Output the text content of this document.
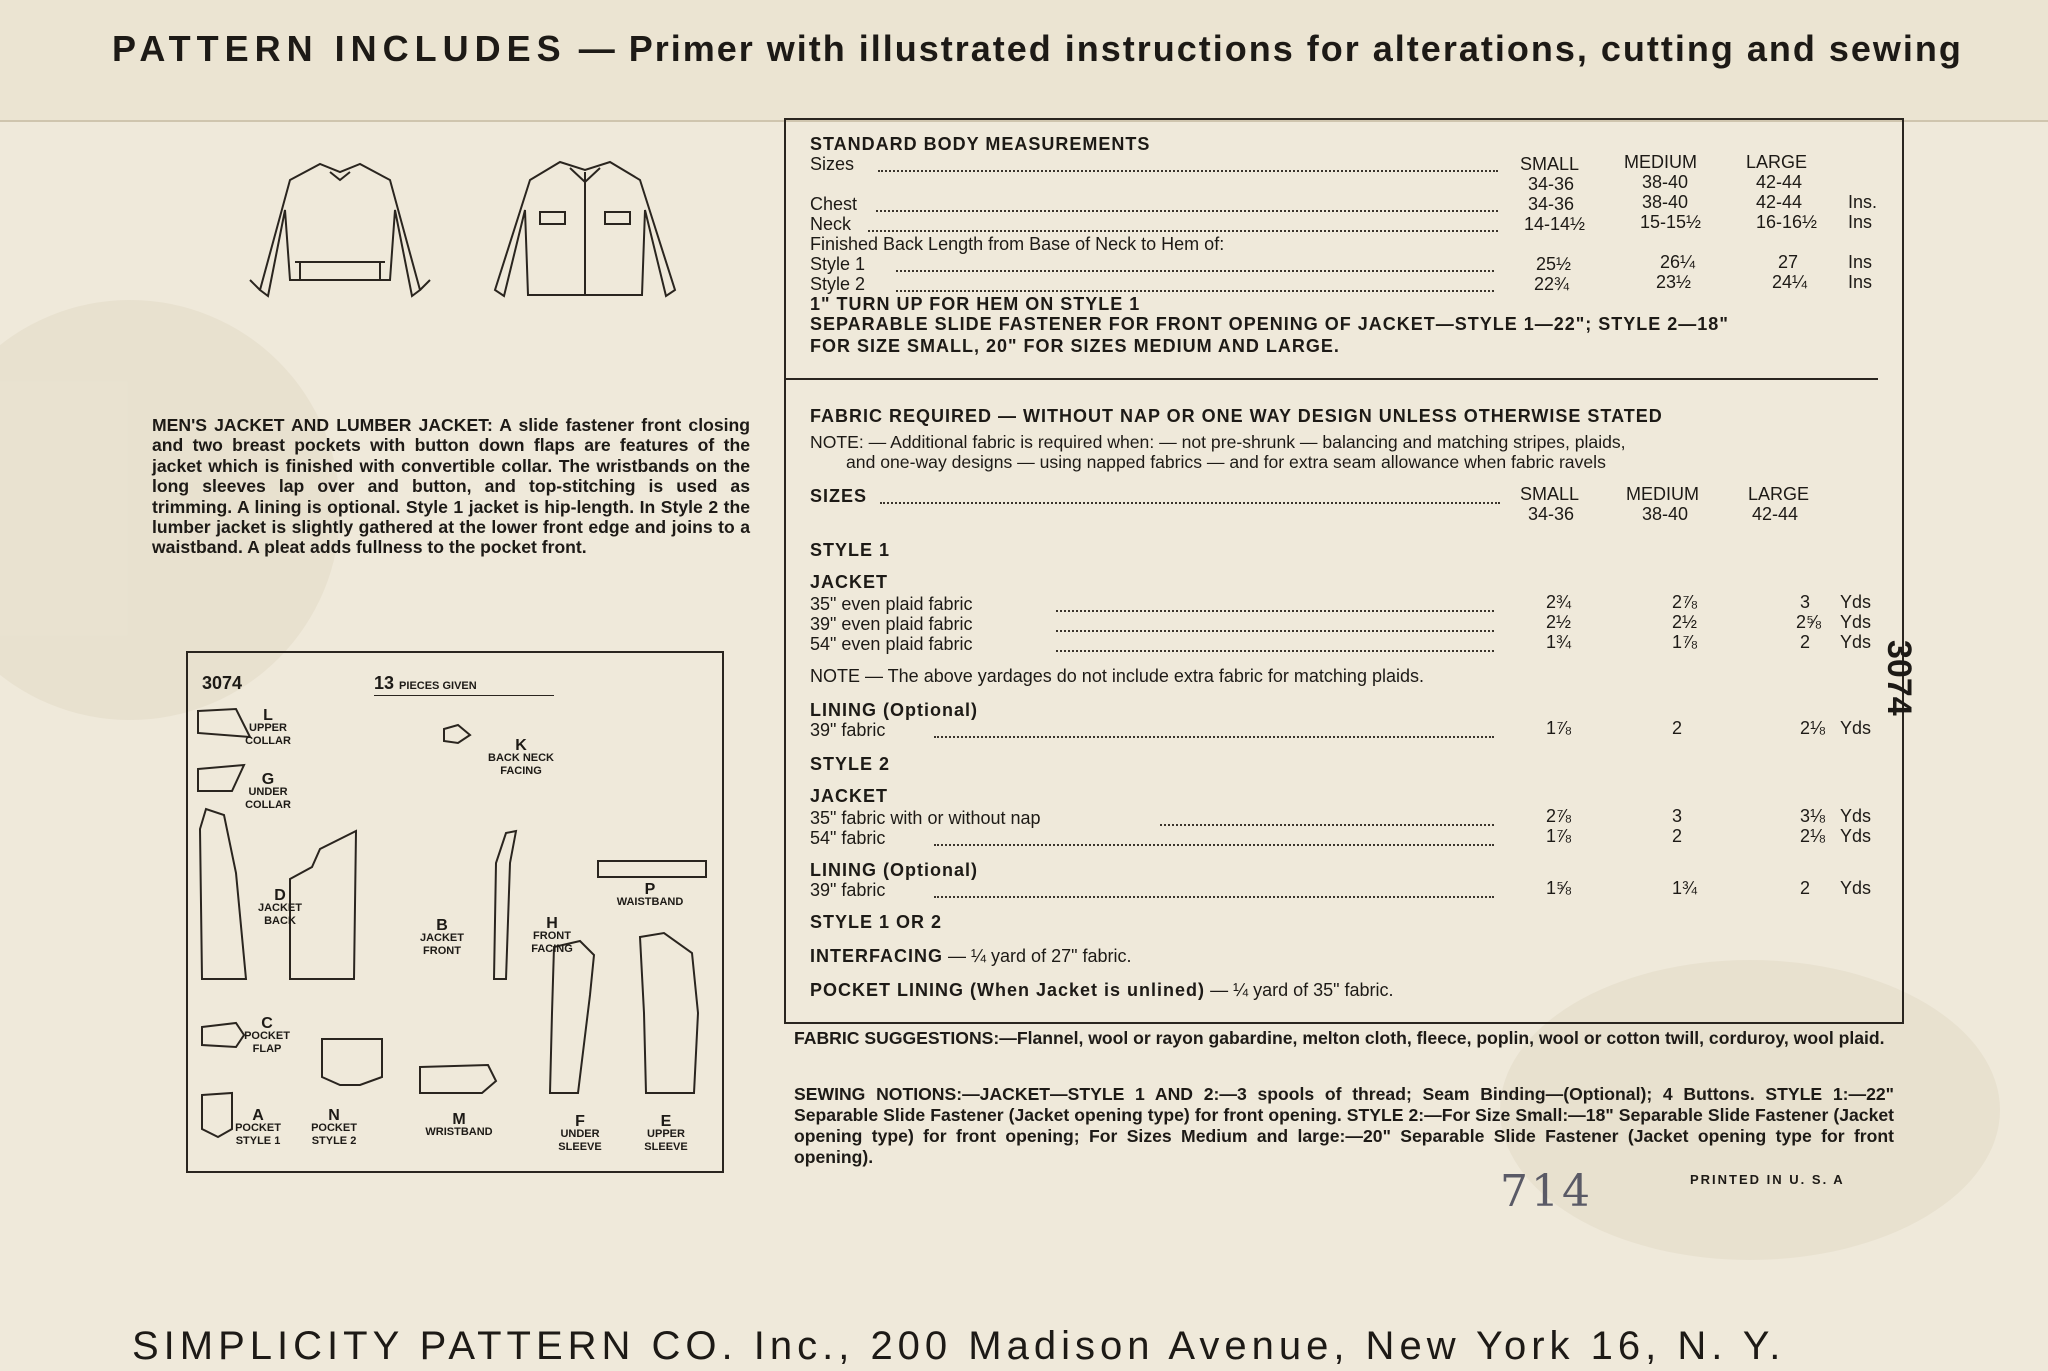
PATTERN INCLUDES — Primer with illustrated instructions for alterations, cutting and sewing
MEN'S JACKET AND LUMBER JACKET: A slide fastener front closing and two breast pockets with button down flaps are features of the jacket which is finished with convertible collar. The wristbands on the long sleeves lap over and button, and top-stitching is used as trimming. A lining is optional. Style 1 jacket is hip-length. In Style 2 the lumber jacket is slightly gathered at the lower front edge and joins to a waistband. A pleat adds fullness to the pocket front.
3074	13 PIECES GIVEN
L
UPPER COLLAR
G
UNDER COLLAR
K
BACK NECK FACING
D
JACKET BACK	B
JACKET FRONT
H
FRONT FACING
P
WAISTBAND
C
POCKET FLAP
A
POCKET STYLE 1
N
POCKET STYLE 2
M
WRISTBAND
F
UNDER SLEEVE
E
UPPER SLEEVE
STANDARD BODY MEASUREMENTS
Sizes	SMALL MEDIUM	LARGE
34-36	38-40	42-44
Chest	34-36	38-40	42-44	Ins.
Neck	14-14½	15-15½	16-16½ Ins
Finished Back Length from Base of Neck to Hem of:
Style 1	25½	26¼	27	Ins
Style 2	22¾	23½	24¼ Ins
1" TURN UP FOR HEM ON STYLE 1
SEPARABLE SLIDE FASTENER FOR FRONT OPENING OF JACKET—STYLE 1—22"; STYLE 2—18"
FOR SIZE SMALL, 20" FOR SIZES MEDIUM AND LARGE.
FABRIC REQUIRED — WITHOUT NAP OR ONE WAY DESIGN UNLESS OTHERWISE STATED
NOTE: — Additional fabric is required when: — not pre-shrunk — balancing and matching stripes, plaids,
and one-way designs — using napped fabrics — and for extra seam allowance when fabric ravels
SIZES	SMALL	MEDIUM	LARGE
34-36	38-40	42-44
STYLE 1
JACKET
35" even plaid fabric	2¾	2⅞	3 Yds
39" even plaid fabric	2½	2½	2⅝ Yds
54" even plaid fabric	1¾	1⅞	2 Yds
NOTE — The above yardages do not include extra fabric for matching plaids.
LINING (Optional)
39" fabric	1⅞	2	2⅛ Yds
STYLE 2
JACKET
35" fabric with or without nap	2⅞	3	3⅛ Yds
54" fabric	1⅞	2	2⅛ Yds
LINING (Optional)
39" fabric	1⅝	1¾	2 Yds
STYLE 1 OR 2
INTERFACING — ¼ yard of 27" fabric.
POCKET LINING (When Jacket is unlined) — ¼ yard of 35" fabric.
FABRIC SUGGESTIONS:—Flannel, wool or rayon gabardine, melton cloth, fleece, poplin, wool or cotton twill, corduroy, wool plaid.
SEWING NOTIONS:—JACKET—STYLE 1 AND 2:—3 spools of thread; Seam Binding—(Optional); 4 Buttons. STYLE 1:—22" Separable Slide Fastener (Jacket opening type) for front opening. STYLE 2:—For Size Small:—18" Separable Slide Fastener (Jacket opening type) for front opening; For Sizes Medium and large:—20" Separable Slide Fastener (Jacket opening type for front opening).
714	PRINTED IN U. S. A
3074
SIMPLICITY PATTERN CO. Inc., 200 Madison Avenue, New York 16, N. Y.
